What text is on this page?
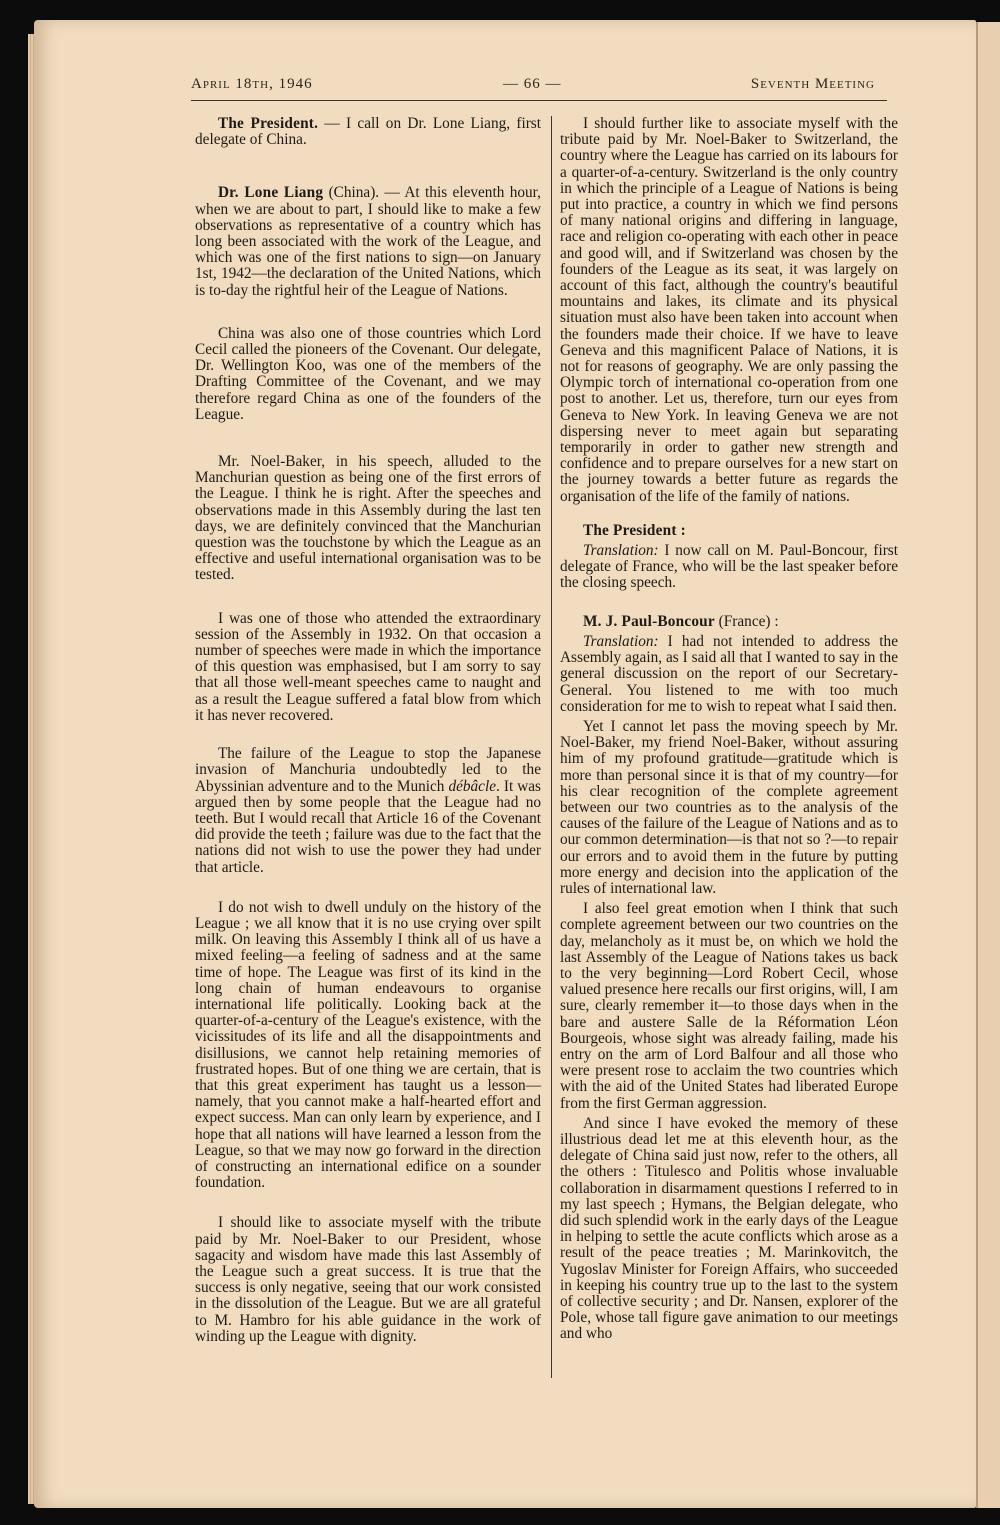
April 18th, 1946	— 66 —	Seventh Meeting

The President. — I call on Dr. Lone Liang, first delegate of China.

Dr. Lone Liang (China). — At this eleventh hour, when we are about to part, I should like to make a few observations as representative of a country which has long been associated with the work of the League, and which was one of the first nations to sign—on January 1st, 1942—the declaration of the United Nations, which is to-day the rightful heir of the League of Nations.

China was also one of those countries which Lord Cecil called the pioneers of the Covenant. Our delegate, Dr. Wellington Koo, was one of the members of the Drafting Committee of the Covenant, and we may therefore regard China as one of the founders of the League.

Mr. Noel-Baker, in his speech, alluded to the Manchurian question as being one of the first errors of the League. I think he is right. After the speeches and observations made in this Assembly during the last ten days, we are definitely convinced that the Manchurian question was the touchstone by which the League as an effective and useful international organisation was to be tested.

I was one of those who attended the extraordinary session of the Assembly in 1932. On that occasion a number of speeches were made in which the importance of this question was emphasised, but I am sorry to say that all those well-meant speeches came to naught and as a result the League suffered a fatal blow from which it has never recovered.

The failure of the League to stop the Japanese invasion of Manchuria undoubtedly led to the Abyssinian adventure and to the Munich débâcle. It was argued then by some people that the League had no teeth. But I would recall that Article 16 of the Covenant did provide the teeth ; failure was due to the fact that the nations did not wish to use the power they had under that article.

I do not wish to dwell unduly on the history of the League ; we all know that it is no use crying over spilt milk. On leaving this Assembly I think all of us have a mixed feeling—a feeling of sadness and at the same time of hope. The League was first of its kind in the long chain of human endeavours to organise international life politically. Looking back at the quarter-of-a-century of the League's existence, with the vicissitudes of its life and all the disappointments and disillusions, we cannot help retaining memories of frustrated hopes. But of one thing we are certain, that is that this great experiment has taught us a lesson—namely, that you cannot make a half-hearted effort and expect success. Man can only learn by experience, and I hope that all nations will have learned a lesson from the League, so that we may now go forward in the direction of constructing an international edifice on a sounder foundation.

I should like to associate myself with the tribute paid by Mr. Noel-Baker to our President, whose sagacity and wisdom have made this last Assembly of the League such a great success. It is true that the success is only negative, seeing that our work consisted in the dissolution of the League. But we are all grateful to M. Hambro for his able guidance in the work of winding up the League with dignity.

I should further like to associate myself with the tribute paid by Mr. Noel-Baker to Switzerland, the country where the League has carried on its labours for a quarter-of-a-century. Switzerland is the only country in which the principle of a League of Nations is being put into practice, a country in which we find persons of many national origins and differing in language, race and religion co-operating with each other in peace and good will, and if Switzerland was chosen by the founders of the League as its seat, it was largely on account of this fact, although the country's beautiful mountains and lakes, its climate and its physical situation must also have been taken into account when the founders made their choice. If we have to leave Geneva and this magnificent Palace of Nations, it is not for reasons of geography. We are only passing the Olympic torch of international co-operation from one post to another. Let us, therefore, turn our eyes from Geneva to New York. In leaving Geneva we are not dispersing never to meet again but separating temporarily in order to gather new strength and confidence and to prepare ourselves for a new start on the journey towards a better future as regards the organisation of the life of the family of nations.

The President :

Translation: I now call on M. Paul-Boncour, first delegate of France, who will be the last speaker before the closing speech.

M. J. Paul-Boncour (France) :

Translation: I had not intended to address the Assembly again, as I said all that I wanted to say in the general discussion on the report of our Secretary-General. You listened to me with too much consideration for me to wish to repeat what I said then.

Yet I cannot let pass the moving speech by Mr. Noel-Baker, my friend Noel-Baker, without assuring him of my profound gratitude—gratitude which is more than personal since it is that of my country—for his clear recognition of the complete agreement between our two countries as to the analysis of the causes of the failure of the League of Nations and as to our common determination—is that not so ?—to repair our errors and to avoid them in the future by putting more energy and decision into the application of the rules of international law.

I also feel great emotion when I think that such complete agreement between our two countries on the day, melancholy as it must be, on which we hold the last Assembly of the League of Nations takes us back to the very beginning—Lord Robert Cecil, whose valued presence here recalls our first origins, will, I am sure, clearly remember it—to those days when in the bare and austere Salle de la Réformation Léon Bourgeois, whose sight was already failing, made his entry on the arm of Lord Balfour and all those who were present rose to acclaim the two countries which with the aid of the United States had liberated Europe from the first German aggression.

And since I have evoked the memory of these illustrious dead let me at this eleventh hour, as the delegate of China said just now, refer to the others, all the others : Titulesco and Politis whose invaluable collaboration in disarmament questions I referred to in my last speech ; Hymans, the Belgian delegate, who did such splendid work in the early days of the League in helping to settle the acute conflicts which arose as a result of the peace treaties ; M. Marinkovitch, the Yugoslav Minister for Foreign Affairs, who succeeded in keeping his country true up to the last to the system of collective security ; and Dr. Nansen, explorer of the Pole, whose tall figure gave animation to our meetings and who
